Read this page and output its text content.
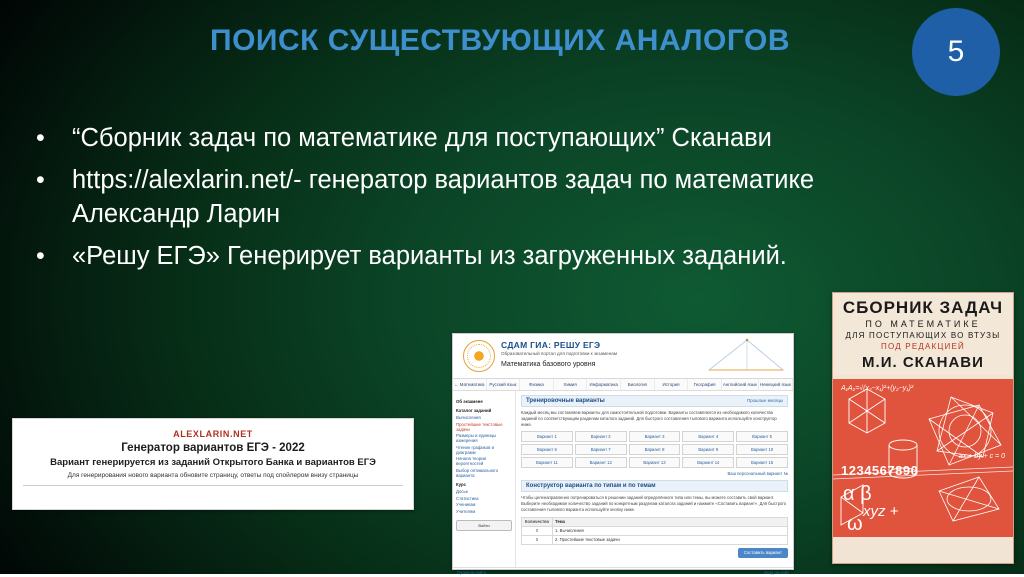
ПОИСК СУЩЕСТВУЮЩИХ АНАЛОГОВ	5
• “Сборник задач по математике для поступающих” Сканави
• https://alexlarin.net/- генератор вариантов задач по математике Александр Ларин
• «Решу ЕГЭ» Генерирует варианты из загруженных заданий.
ALEXLARIN.NET
Генератор вариантов ЕГЭ - 2022
Вариант генерируется из заданий Открытого Банка и вариантов ЕГЭ
Для генерирования нового варианта обновите страницу, ответы под спойлером внизу страницы
СДАМ ГИА: РЕШУ ЕГЭ
Образовательный портал для подготовки к экзаменам
Математика базового уровня
← Математика	Русский язык	Физика	Химия	Информатика	Биология	История	География	Английский язык Немецкий язык
Об экзамене
Каталог заданий
Вычисления
Простейшие текстовые задачи
Размеры и единицы измерения
Чтение графиков и диаграмм
Начала теории вероятностей
Выбор оптимального варианта
Курс
Досье
Статистика
Ученикам
Учителям
Войти
Тренировочные варианты	Прошлые месяцы
Каждый месяц мы составляем варианты для самостоятельной подготовки. Варианты составляются из необходимого количества заданий по соответствующим разделам каталога заданий. Для быстрого составления тылового варианта используйте конструктор ниже.
Вариант 1	Вариант 2	Вариант 3	Вариант 4	Вариант 5
Вариант 6	Вариант 7	Вариант 8	Вариант 9	Вариант 10
Вариант 11	Вариант 12	Вариант 13	Вариант 14	Вариант 15
Ваш персональный вариант №
Конструктор варианта по типам и по темам
Чтобы целенаправленно потренироваться в решении заданий определённого типа или темы, вы можете составить свой вариант. Выберите необходимое количество заданий по конкретным разделам каталога заданий и нажмите «Составить вариант». Для быстрого составления тылового варианта используйте кнопку ниже.
Количество	Тема
0	1. Вычисления
0	2. Простейшие текстовые задачи
Составить вариант
Правила сайта	вход на сайт
СБОРНИК ЗАДАЧ
ПО МАТЕМАТИКЕ
ДЛЯ ПОСТУПАЮЩИХ ВО ВТУЗЫ
ПОД РЕДАКЦИЕЙ
М.И. СКАНАВИ
A₁A₂=√(x₂−x₁)²+(y₂−y₁)²
ax + by + c = 0
1234567890
α β
xyz +
ω
